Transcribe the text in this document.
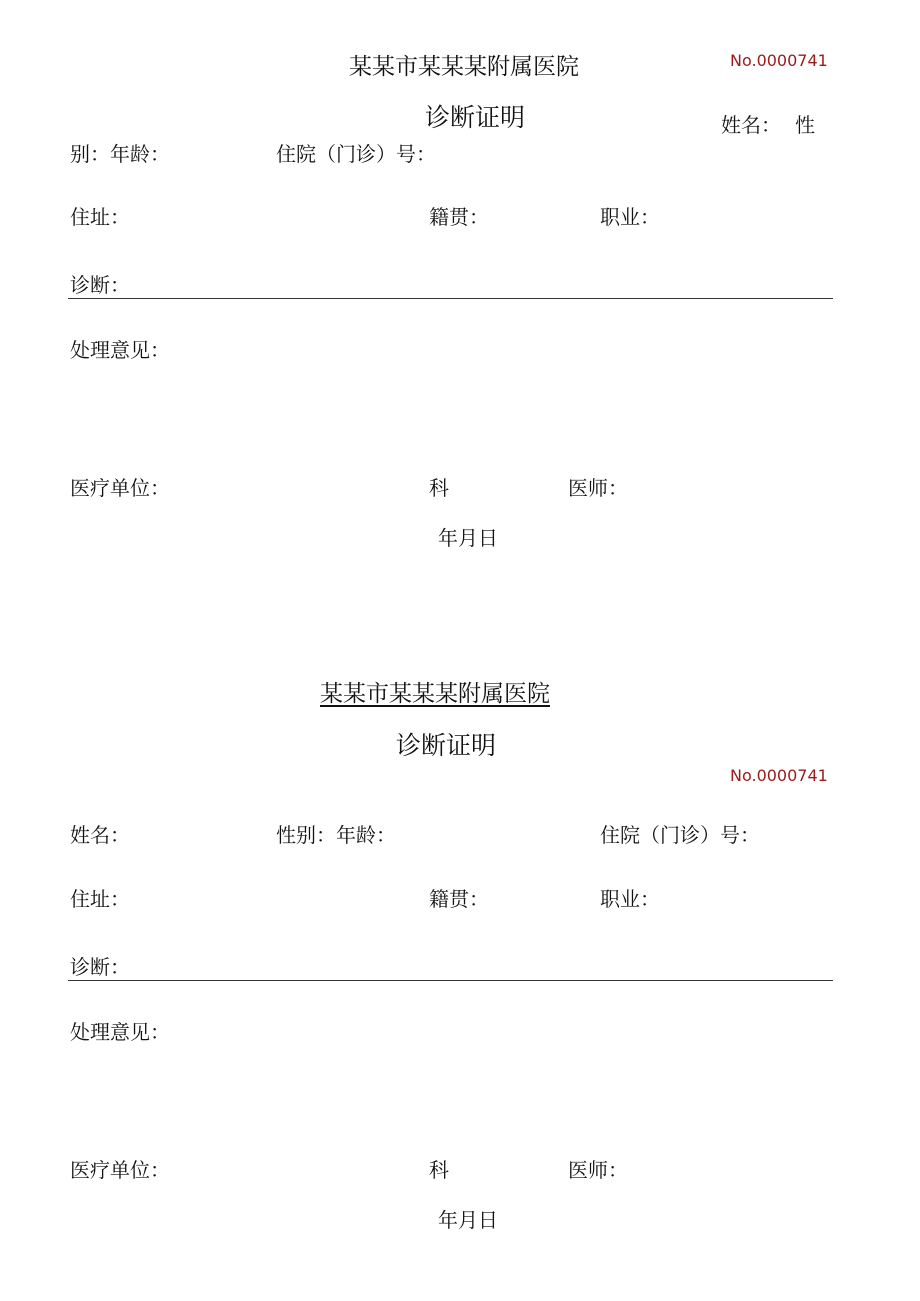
某某市某某某附属医院	No.0000741
诊断证明	姓名： 性
别：年龄：	住院（门诊）号：
住址：	籍贯：	职业：
诊断：
处理意见：
医疗单位：	科	医师：
年月日
某某市某某某附属医院
诊断证明
No.0000741
姓名：	性别：年龄：	住院（门诊）号：
住址：	籍贯：	职业：
诊断：
处理意见：
医疗单位：	科	医师：
年月日
